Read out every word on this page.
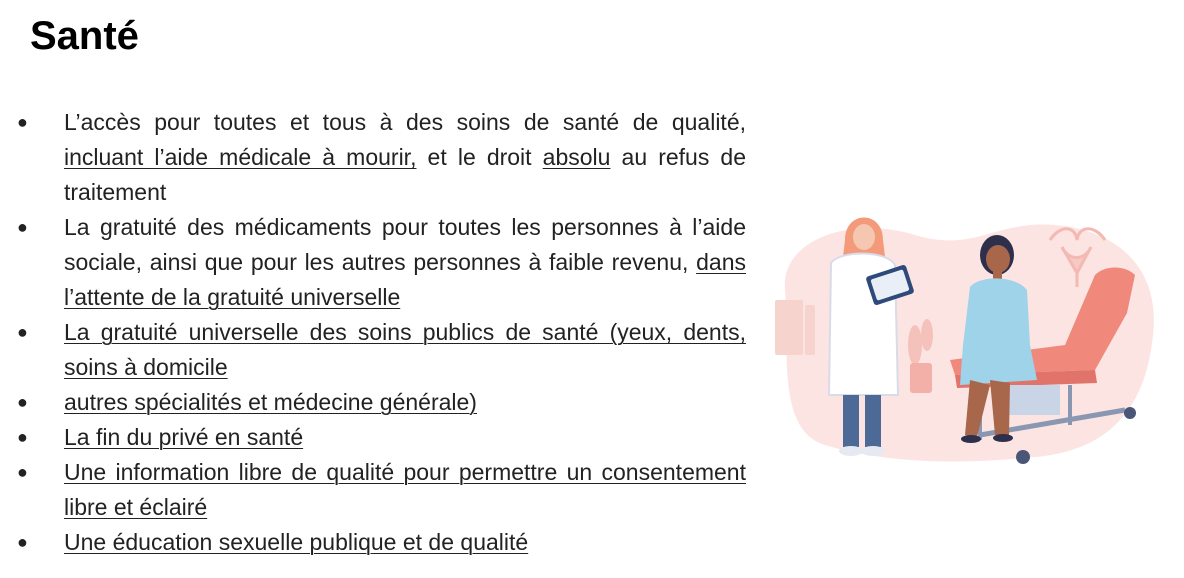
Santé
● L’accès pour toutes et tous à des soins de santé de qualité, incluant l’aide médicale à mourir, et le droit absolu au refus de traitement
● La gratuité des médicaments pour toutes les personnes à l’aide sociale, ainsi que pour les autres personnes à faible revenu, dans l’attente de la gratuité universelle
● La gratuité universelle des soins publics de santé (yeux, dents, soins à domicile
● autres spécialités et médecine générale)
● La fin du privé en santé
● Une information libre de qualité pour permettre un consentement libre et éclairé
● Une éducation sexuelle publique et de qualité
